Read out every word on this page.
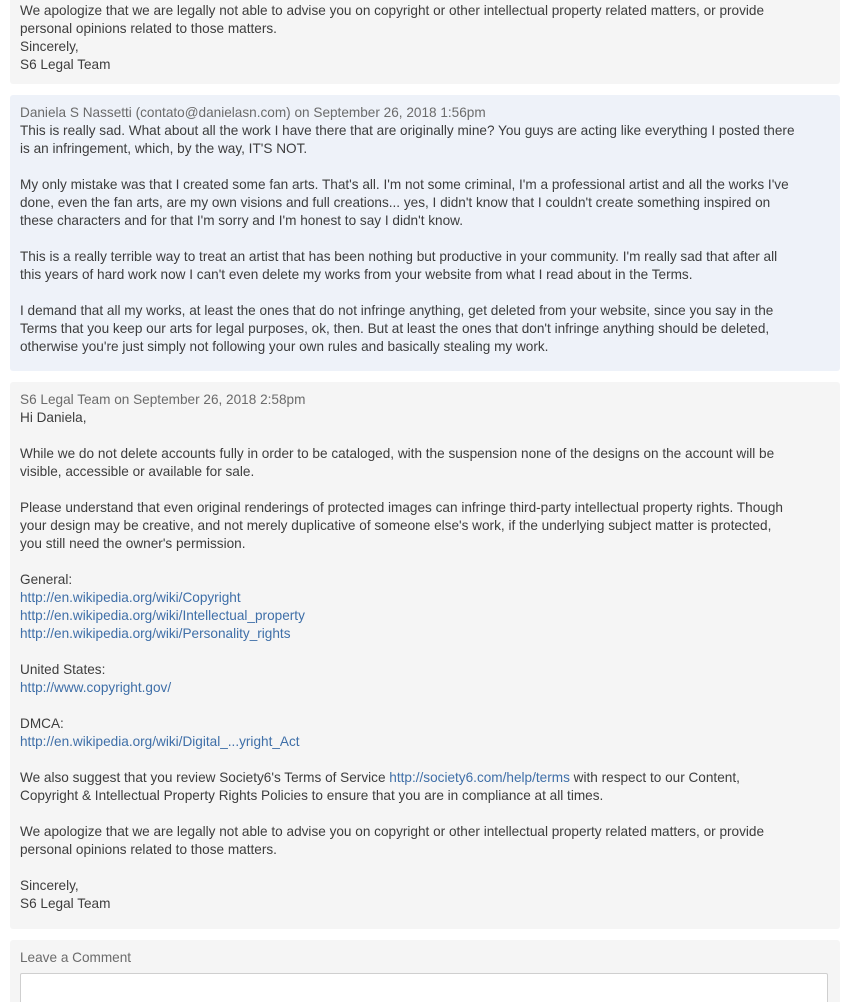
We apologize that we are legally not able to advise you on copyright or other intellectual property related matters, or provide

personal opinions related to those matters.

Sincerely,

S6 Legal Team

Daniela S Nassetti (contato@danielasn.com) on September 26, 2018 1:56pm

This is really sad. What about all the work I have there that are originally mine? You guys are acting like everything I posted there

is an infringement, which, by the way, IT'S NOT.

My only mistake was that I created some fan arts. That's all. I'm not some criminal, I'm a professional artist and all the works I've

done, even the fan arts, are my own visions and full creations... yes, I didn't know that I couldn't create something inspired on

these characters and for that I'm sorry and I'm honest to say I didn't know.

This is a really terrible way to treat an artist that has been nothing but productive in your community. I'm really sad that after all

this years of hard work now I can't even delete my works from your website from what I read about in the Terms.

I demand that all my works, at least the ones that do not infringe anything, get deleted from your website, since you say in the

Terms that you keep our arts for legal purposes, ok, then. But at least the ones that don't infringe anything should be deleted,

otherwise you're just simply not following your own rules and basically stealing my work.

S6 Legal Team on September 26, 2018 2:58pm

Hi Daniela,

While we do not delete accounts fully in order to be cataloged, with the suspension none of the designs on the account will be

visible, accessible or available for sale.

Please understand that even original renderings of protected images can infringe third-party intellectual property rights. Though

your design may be creative, and not merely duplicative of someone else's work, if the underlying subject matter is protected,

you still need the owner's permission.

General:

http://en.wikipedia.org/wiki/Copyright

http://en.wikipedia.org/wiki/Intellectual_property

http://en.wikipedia.org/wiki/Personality_rights

United States:

http://www.copyright.gov/

DMCA:

http://en.wikipedia.org/wiki/Digital_...yright_Act

We also suggest that you review Society6's Terms of Service http://society6.com/help/terms with respect to our Content,

Copyright & Intellectual Property Rights Policies to ensure that you are in compliance at all times.

We apologize that we are legally not able to advise you on copyright or other intellectual property related matters, or provide

personal opinions related to those matters.

Sincerely,

S6 Legal Team

Leave a Comment
